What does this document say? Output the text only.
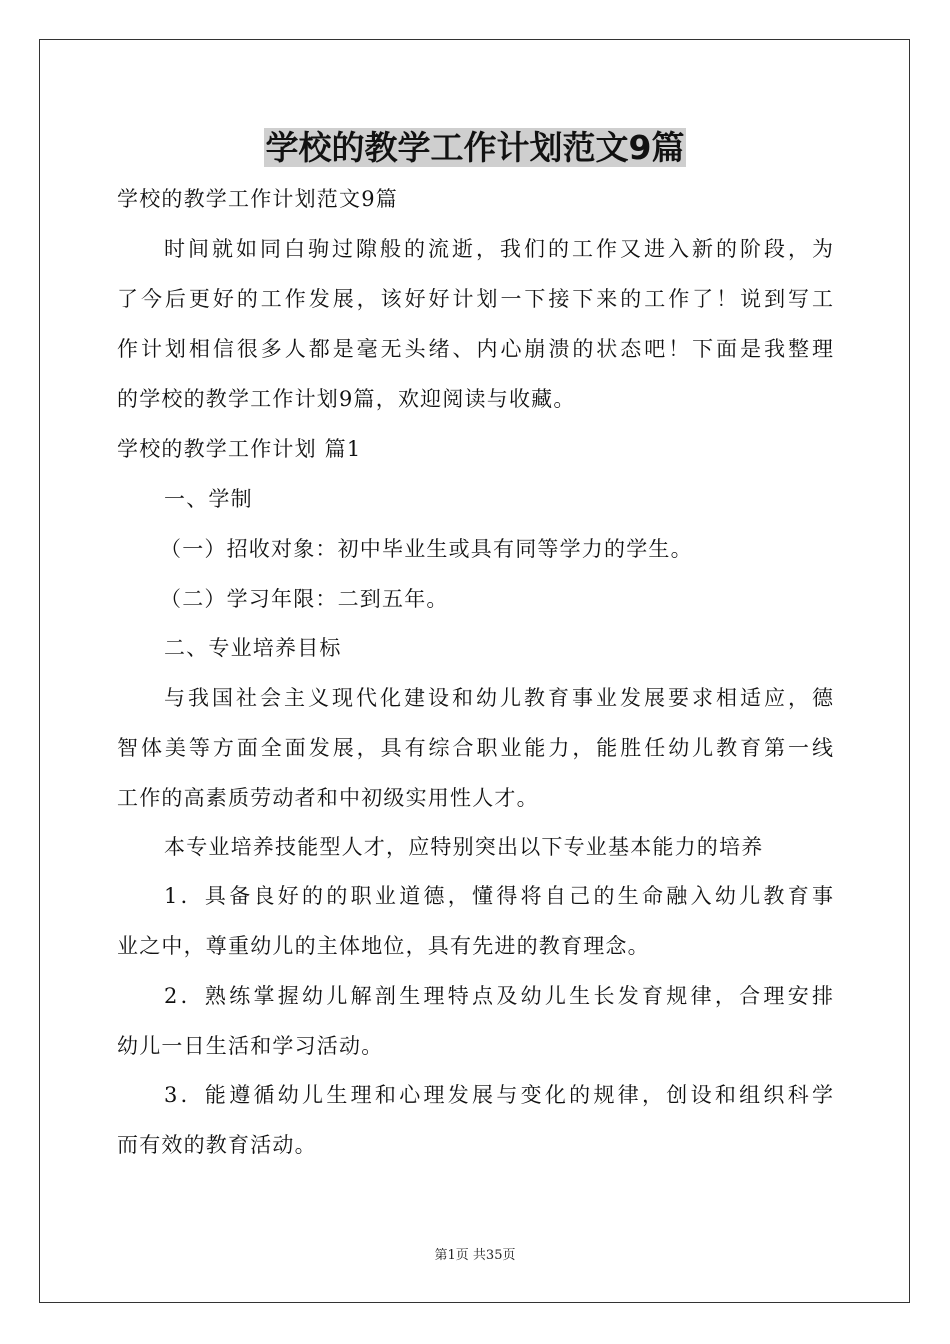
学校的教学工作计划范文9篇
学校的教学工作计划范文9篇
时间就如同白驹过隙般的流逝，我们的工作又进入新的阶段，为
了今后更好的工作发展，该好好计划一下接下来的工作了！说到写工
作计划相信很多人都是毫无头绪、内心崩溃的状态吧！下面是我整理
的学校的教学工作计划9篇，欢迎阅读与收藏。
学校的教学工作计划 篇1
一、学制
（一）招收对象：初中毕业生或具有同等学力的学生。
（二）学习年限：二到五年。
二、专业培养目标
与我国社会主义现代化建设和幼儿教育事业发展要求相适应，德
智体美等方面全面发展，具有综合职业能力，能胜任幼儿教育第一线
工作的高素质劳动者和中初级实用性人才。
本专业培养技能型人才，应特别突出以下专业基本能力的培养
1．具备良好的的职业道德，懂得将自己的生命融入幼儿教育事
业之中，尊重幼儿的主体地位，具有先进的教育理念。
2．熟练掌握幼儿解剖生理特点及幼儿生长发育规律，合理安排
幼儿一日生活和学习活动。
3．能遵循幼儿生理和心理发展与变化的规律，创设和组织科学
而有效的教育活动。
第1页 共35页
